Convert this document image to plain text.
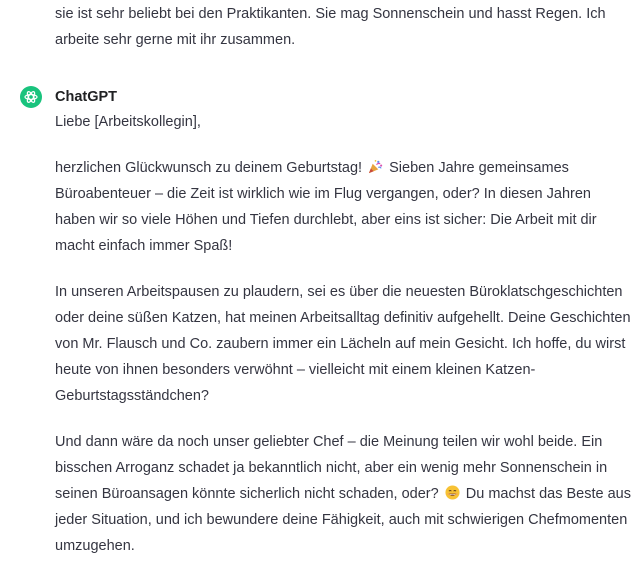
sie ist sehr beliebt bei den Praktikanten. Sie mag Sonnenschein und hasst Regen. Ich arbeite sehr gerne mit ihr zusammen.

ChatGPT

Liebe [Arbeitskollegin],

herzlichen Glückwunsch zu deinem Geburtstag! Sieben Jahre gemeinsames Büroabenteuer – die Zeit ist wirklich wie im Flug vergangen, oder? In diesen Jahren haben wir so viele Höhen und Tiefen durchlebt, aber eins ist sicher: Die Arbeit mit dir macht einfach immer Spaß!

In unseren Arbeitspausen zu plaudern, sei es über die neuesten Büroklatschgeschichten oder deine süßen Katzen, hat meinen Arbeitsalltag definitiv aufgehellt. Deine Geschichten von Mr. Flausch und Co. zaubern immer ein Lächeln auf mein Gesicht. Ich hoffe, du wirst heute von ihnen besonders verwöhnt – vielleicht mit einem kleinen Katzen-Geburtstagsständchen?

Und dann wäre da noch unser geliebter Chef – die Meinung teilen wir wohl beide. Ein bisschen Arroganz schadet ja bekanntlich nicht, aber ein wenig mehr Sonnenschein in seinen Büroansagen könnte sicherlich nicht schaden, oder? Du machst das Beste aus jeder Situation, und ich bewundere deine Fähigkeit, auch mit schwierigen Chefmomenten umzugehen.
